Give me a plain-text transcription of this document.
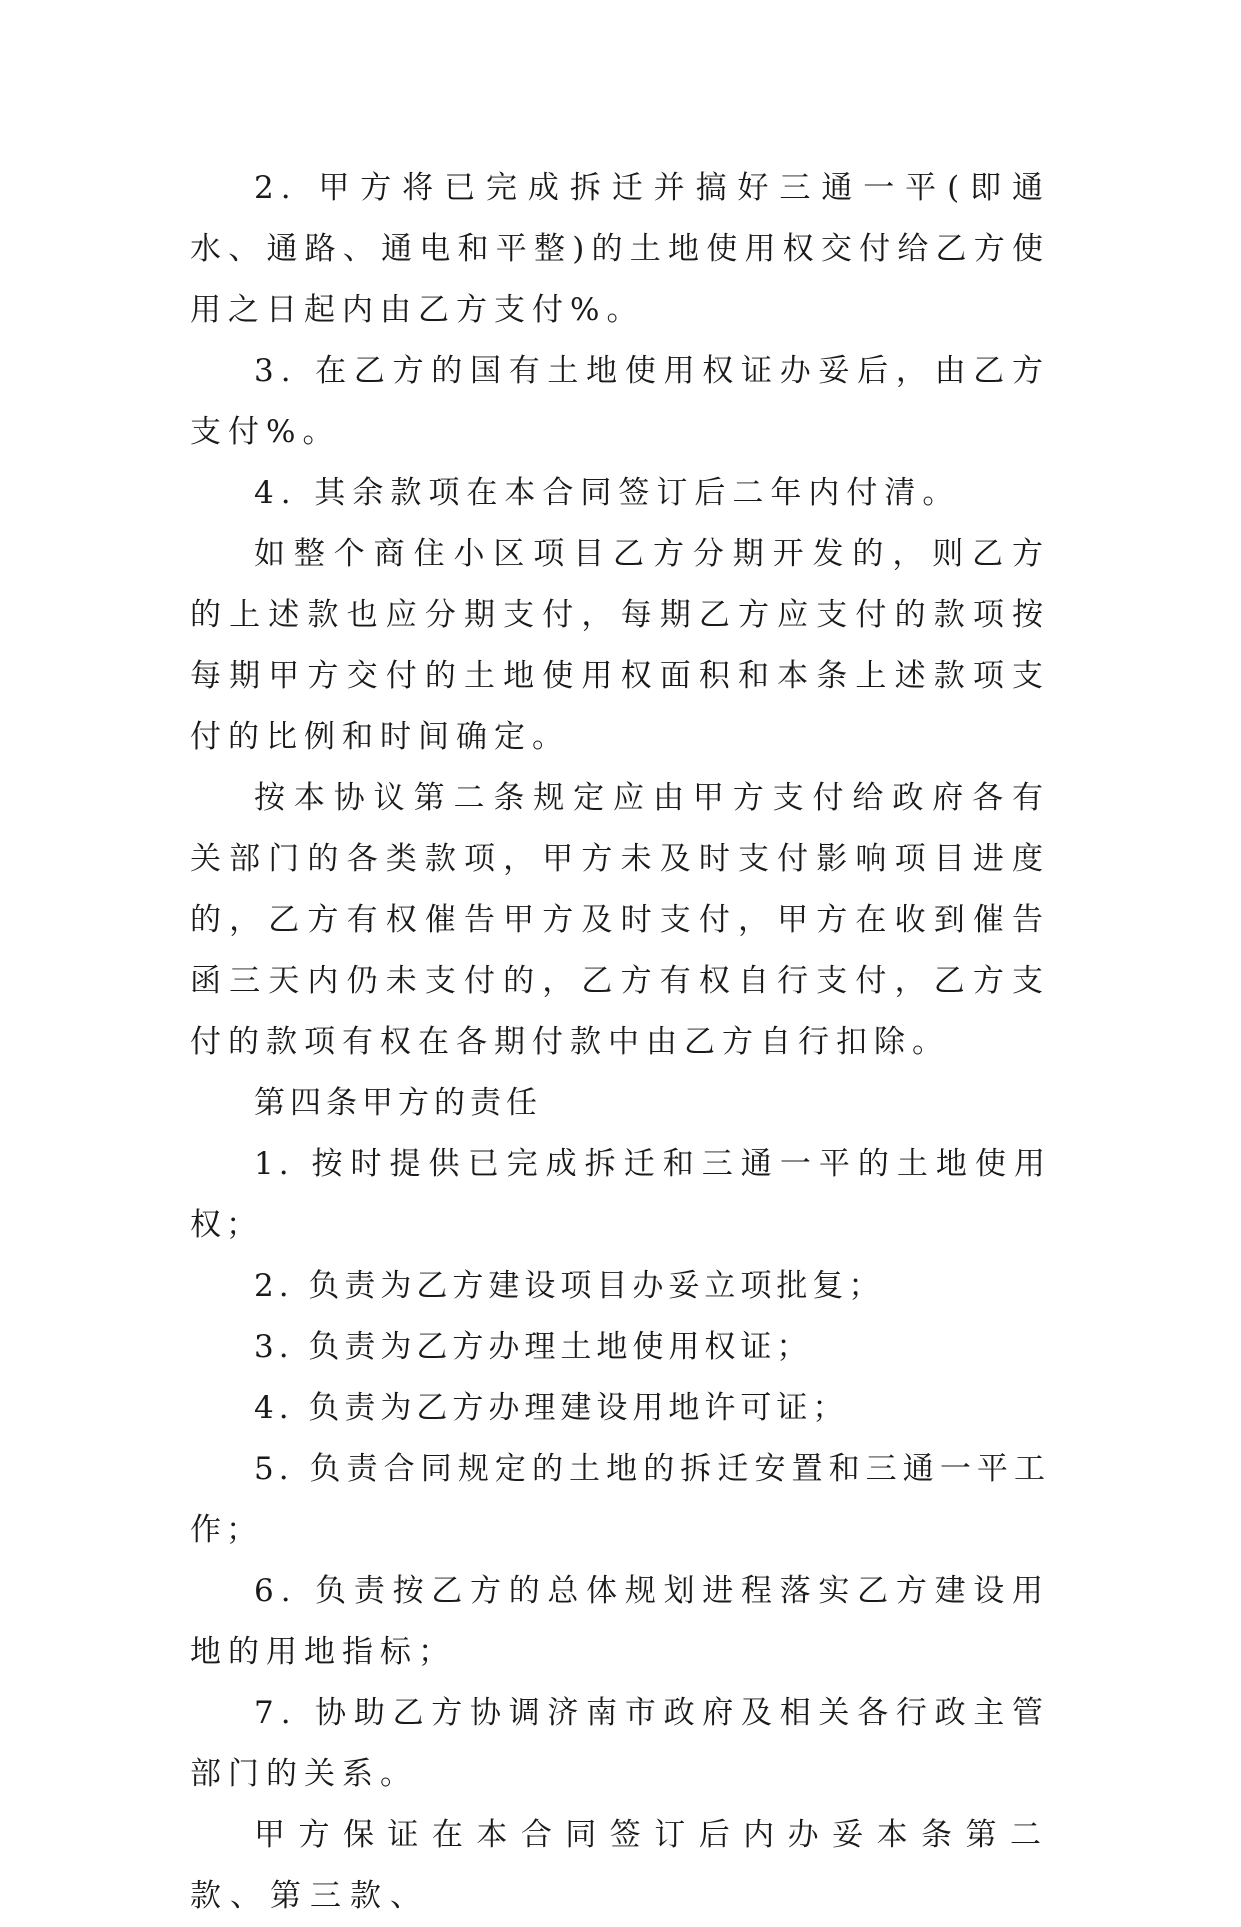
2. 甲方将已完成拆迁并搞好三通一平(即通水、通路、通电和平整)的土地使用权交付给乙方使用之日起内由乙方支付%。

3. 在乙方的国有土地使用权证办妥后，由乙方支付%。

4. 其余款项在本合同签订后二年内付清。

如整个商住小区项目乙方分期开发的，则乙方的上述款也应分期支付，每期乙方应支付的款项按每期甲方交付的土地使用权面积和本条上述款项支付的比例和时间确定。

按本协议第二条规定应由甲方支付给政府各有关部门的各类款项，甲方未及时支付影响项目进度的，乙方有权催告甲方及时支付，甲方在收到催告函三天内仍未支付的，乙方有权自行支付，乙方支付的款项有权在各期付款中由乙方自行扣除。

第四条甲方的责任

1. 按时提供已完成拆迁和三通一平的土地使用权；

2. 负责为乙方建设项目办妥立项批复；

3. 负责为乙方办理土地使用权证；

4. 负责为乙方办理建设用地许可证；

5. 负责合同规定的土地的拆迁安置和三通一平工作；

6. 负责按乙方的总体规划进程落实乙方建设用地的用地指标；

7. 协助乙方协调济南市政府及相关各行政主管部门的关系。

甲方保证在本合同签订后内办妥本条第二款、第三款、
